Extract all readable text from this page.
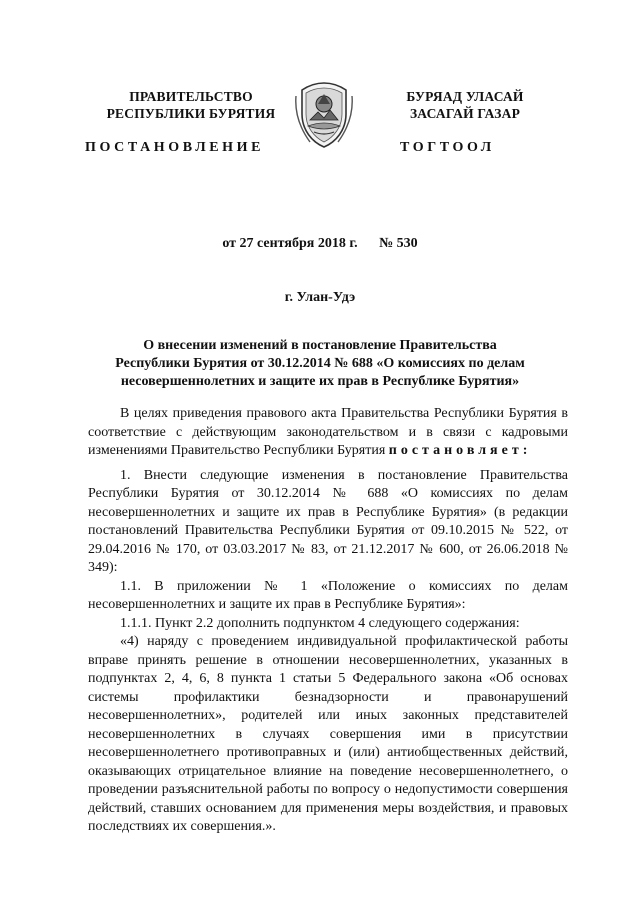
ПРАВИТЕЛЬСТВО
РЕСПУБЛИКИ БУРЯТИЯ
БУРЯАД УЛАСАЙ
ЗАСАГАЙ ГАЗАР
ПОСТАНОВЛЕНИЕ	ТОГТООЛ
от 27 сентября 2018 г. № 530
г. Улан-Удэ
О внесении изменений в постановление Правительства
Республики Бурятия от 30.12.2014 № 688 «О комиссиях по делам
несовершеннолетних и защите их прав в Республике Бурятия»

В целях приведения правового акта Правительства Республики Бурятия в соответствие с действующим законодательством и в связи с кадровыми изменениями Правительство Республики Бурятия постановляет:

1. Внести следующие изменения в постановление Правительства Республики Бурятия от 30.12.2014 № 688 «О комиссиях по делам несовершеннолетних и защите их прав в Республике Бурятия» (в редакции постановлений Правительства Республики Бурятия от 09.10.2015 № 522, от 29.04.2016 № 170, от 03.03.2017 № 83, от 21.12.2017 № 600, от 26.06.2018 № 349):

1.1. В приложении № 1 «Положение о комиссиях по делам несовершеннолетних и защите их прав в Республике Бурятия»:

1.1.1. Пункт 2.2 дополнить подпунктом 4 следующего содержания:

«4) наряду с проведением индивидуальной профилактической работы вправе принять решение в отношении несовершеннолетних, указанных в подпунктах 2, 4, 6, 8 пункта 1 статьи 5 Федерального закона «Об основах системы профилактики безнадзорности и правонарушений несовершеннолетних», родителей или иных законных представителей несовершеннолетних в случаях совершения ими в присутствии несовершеннолетнего противоправных и (или) антиобщественных действий, оказывающих отрицательное влияние на поведение несовершеннолетнего, о проведении разъяснительной работы по вопросу о недопустимости совершения действий, ставших основанием для применения меры воздействия, и правовых последствиях их совершения.».
